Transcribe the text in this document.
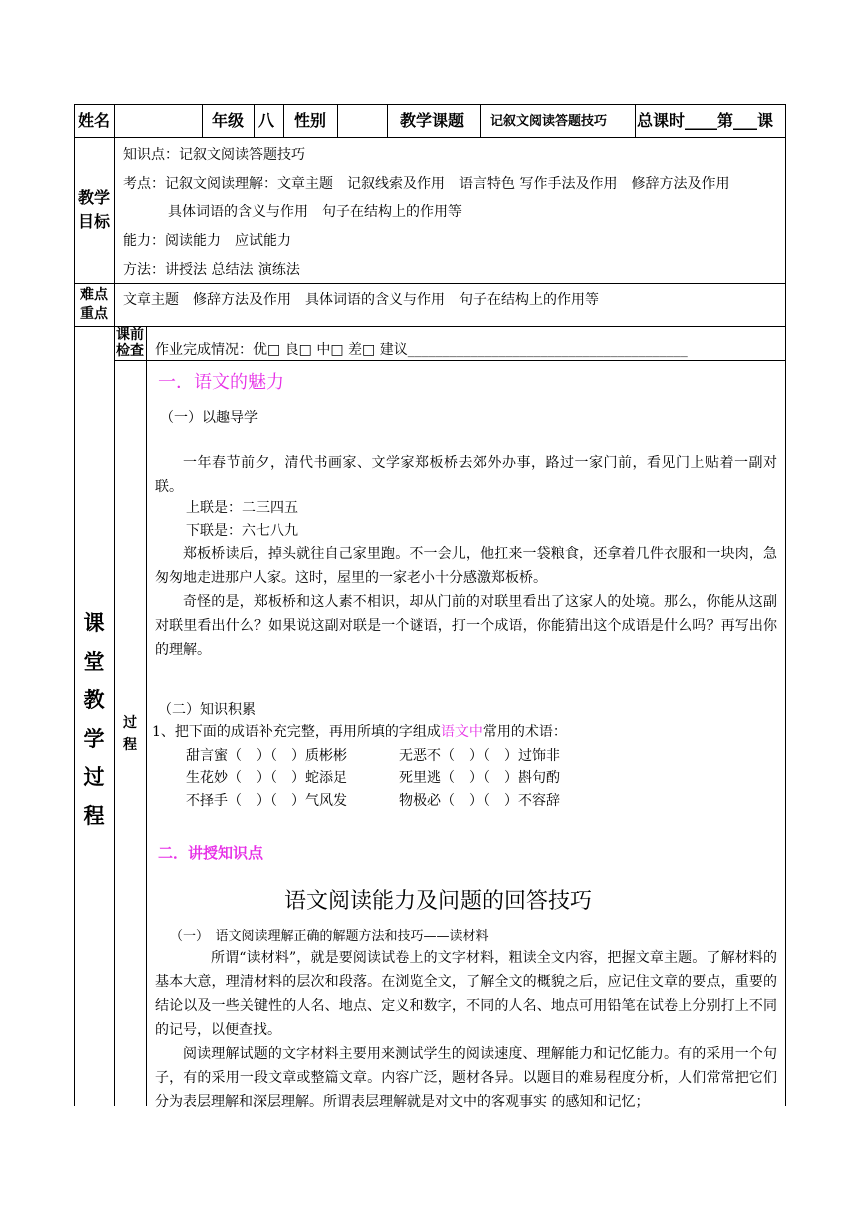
姓名	年级 八 性别	教学课题 记叙文阅读答题技巧 总课时____第___课
教学
目标
知识点：记叙文阅读答题技巧
考点：记叙文阅读理解：文章主题　记叙线索及作用　语言特色 写作手法及作用　修辞方法及作用
具体词语的含义与作用　句子在结构上的作用等
能力：阅读能力　应试能力
方法：讲授法 总结法 演练法
难点
重点
文章主题　修辞方法及作用　具体词语的含义与作用　句子在结构上的作用等
课前
检查 作业完成情况：优□ 良□ 中□ 差□ 建议________________________________________
课
堂
教
学
过
程
过
程
一．语文的魅力
（一）以趣导学
一年春节前夕，清代书画家、文学家郑板桥去郊外办事，路过一家门前，看见门上贴着一副对联。
上联是：二三四五
下联是：六七八九
郑板桥读后，掉头就往自己家里跑。不一会儿，他扛来一袋粮食，还拿着几件衣服和一块肉，急匆匆地走进那户人家。这时，屋里的一家老小十分感激郑板桥。
奇怪的是，郑板桥和这人素不相识，却从门前的对联里看出了这家人的处境。那么，你能从这副对联里看出什么？如果说这副对联是一个谜语，打一个成语，你能猜出这个成语是什么吗？再写出你的理解。
（二）知识积累
1、把下面的成语补充完整，再用所填的字组成语文中常用的术语：
甜言蜜（　）（　）质彬彬	无恶不（　）（　）过饰非
生花妙（　）（　）蛇添足	死里逃（　）（　）斟句酌
不择手（　）（　）气风发	物极必（　）（　）不容辞
二．讲授知识点
语文阅读能力及问题的回答技巧
（一）　语文阅读理解正确的解题方法和技巧——读材料
所谓“读材料”，就是要阅读试卷上的文字材料，粗读全文内容，把握文章主题。了解材料的基本大意，理清材料的层次和段落。在浏览全文，了解全文的概貌之后，应记住文章的要点，重要的结论以及一些关键性的人名、地点、定义和数字，不同的人名、地点可用铅笔在试卷上分别打上不同的记号，以便查找。
阅读理解试题的文字材料主要用来测试学生的阅读速度、理解能力和记忆能力。有的采用一个句子，有的采用一段文章或整篇文章。内容广泛，题材各异。以题目的难易程度分析，人们常常把它们分为表层理解和深层理解。所谓表层理解就是对文中的客观事实 的感知和记忆；
